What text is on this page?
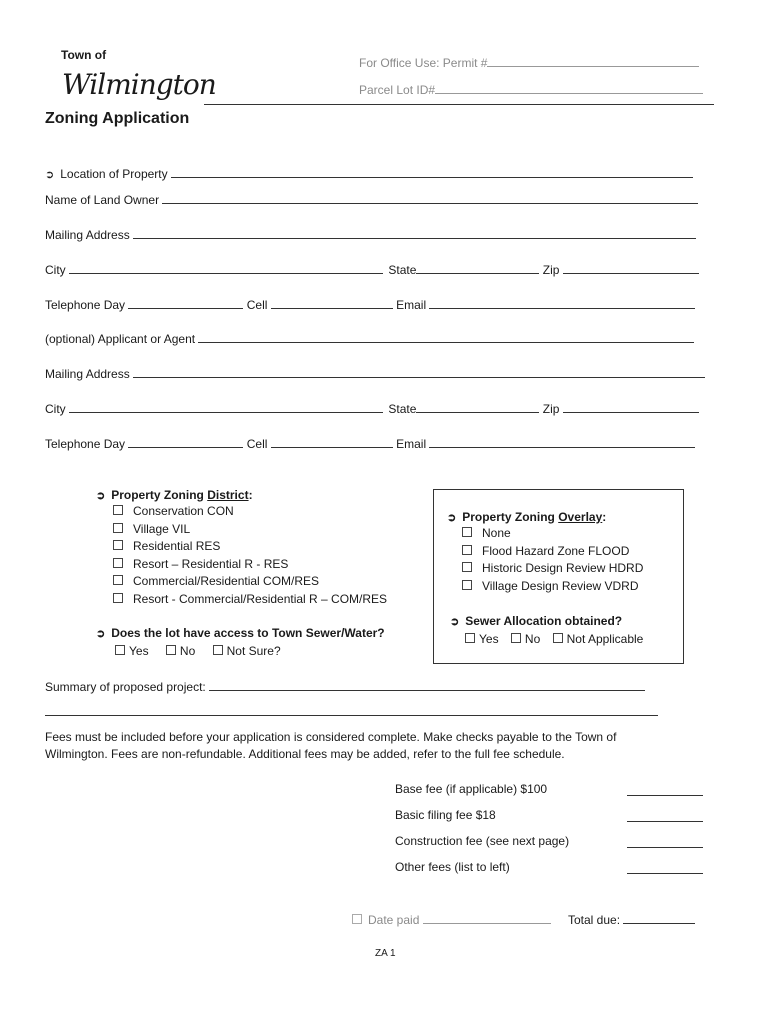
Town of
Wilmington
For Office Use: Permit #
Parcel Lot ID#
Zoning Application
➲ Location of Property
Name of Land Owner
Mailing Address
City	State	Zip
Telephone Day	Cell	Email
(optional) Applicant or Agent
Mailing Address
City	State	Zip
Telephone Day	Cell	Email
➲ Property Zoning District:
Conservation CON
Village VIL
Residential RES
Resort – Residential R - RES
Commercial/Residential COM/RES
Resort - Commercial/Residential R – COM/RES
➲ Does the lot have access to Town Sewer/Water?
Yes	No	Not Sure?
➲ Property Zoning Overlay:
None
Flood Hazard Zone FLOOD
Historic Design Review HDRD
Village Design Review VDRD
➲ Sewer Allocation obtained?
Yes No Not Applicable
Summary of proposed project:
Fees must be included before your application is considered complete. Make checks payable to the Town of
Wilmington. Fees are non-refundable. Additional fees may be added, refer to the full fee schedule.
Base fee (if applicable) $100
Basic filing fee $18
Construction fee (see next page)
Other fees (list to left)
Date paid	Total due:
ZA 1
